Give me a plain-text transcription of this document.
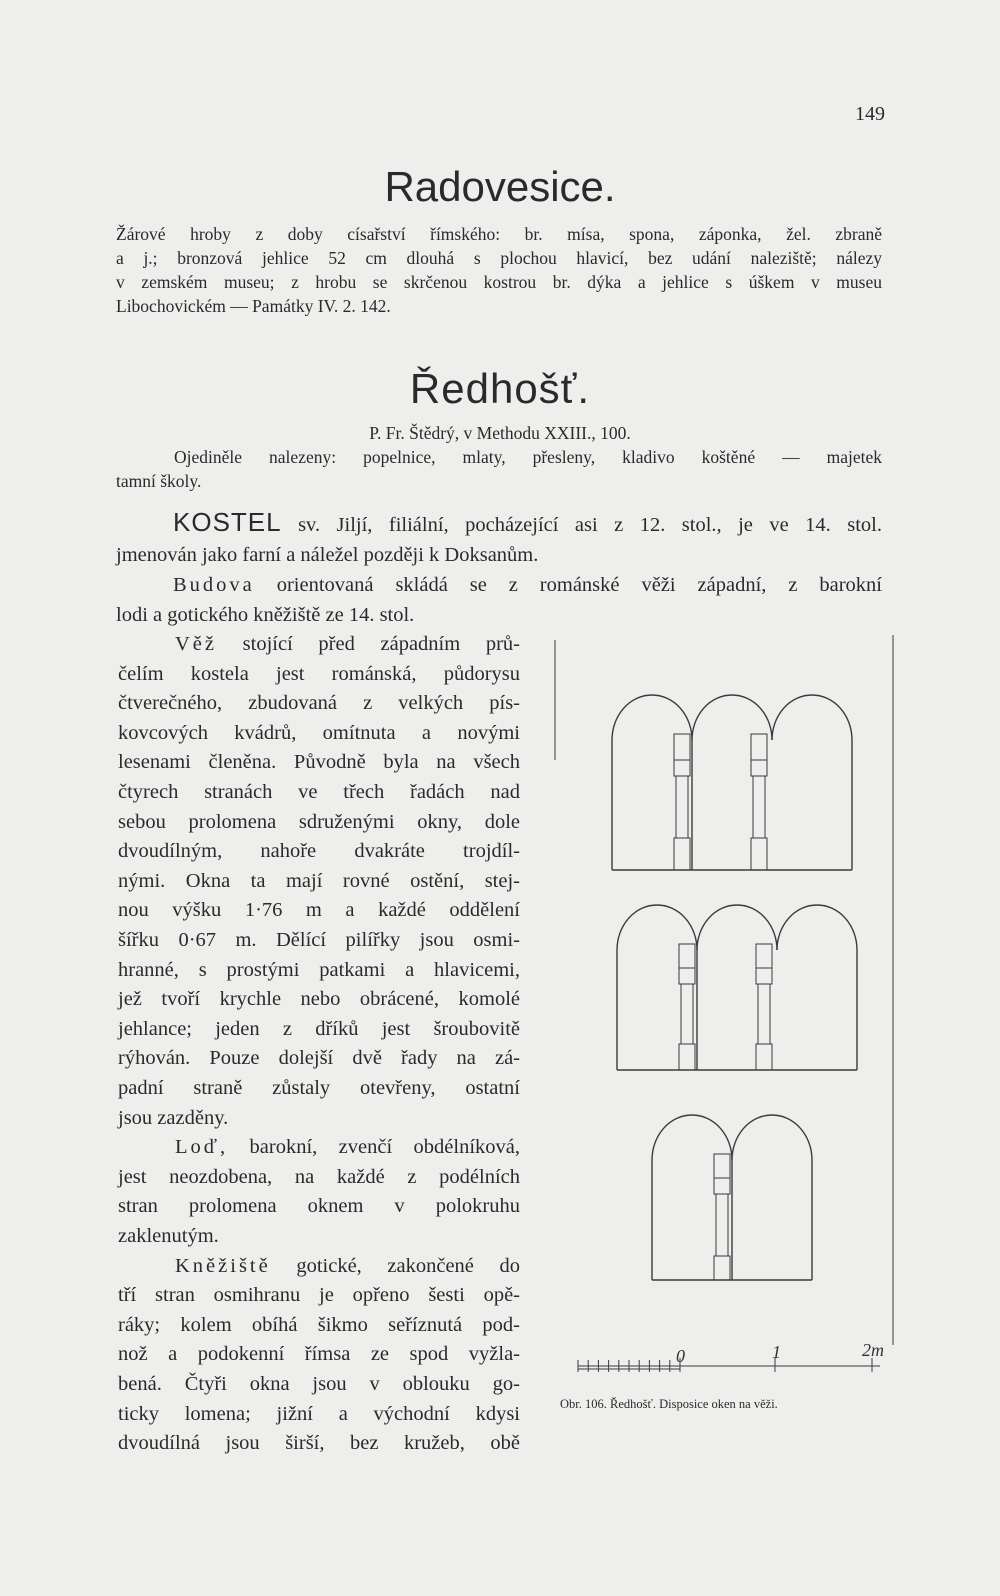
149
Radovesice.

Žárové hroby z doby císařství římského: br. mísa, spona, záponka, žel. zbraně

a j.; bronzová jehlice 52 cm dlouhá s plochou hlavicí, bez udání naleziště; nálezy

v zemském museu; z hrobu se skrčenou kostrou br. dýka a jehlice s úškem v museu

Libochovickém — Památky IV. 2. 142.

Ředhošť.

P. Fr. Štědrý, v Methodu XXIII., 100.

Ojediněle nalezeny: popelnice, mlaty, přesleny, kladivo koštěné — majetek

tamní školy.

KOSTEL sv. Jiljí, filiální, pocházející asi z 12. stol., je ve 14. stol.

jmenován jako farní a náležel později k Doksanům.

Budova orientovaná skládá se z románské věži západní, z barokní

lodi a gotického kněžiště ze 14. stol.

Věž stojící před západním prů-
čelím kostela jest románská, půdorysu
čtverečného, zbudovaná z velkých pís-
kovcových kvádrů, omítnuta a novými
lesenami členěna. Původně byla na všech
čtyrech stranách ve třech řadách nad
sebou prolomena sdruženými okny, dole
dvoudílným, nahoře dvakráte trojdíl-
nými. Okna ta mají rovné ostění, stej-
nou výšku 1·76 m a každé oddělení
šířku 0·67 m. Dělící pilířky jsou osmi-
hranné, s prostými patkami a hlavicemi,
jež tvoří krychle nebo obrácené, komolé
jehlance; jeden z dříků jest šroubovitě
rýhován. Pouze dolejší dvě řady na zá-
padní straně zůstaly otevřeny, ostatní
jsou zazděny.
Loď, barokní, zvenčí obdélníková,
jest neozdobena, na každé z podélních
stran prolomena oknem v polokruhu
zaklenutým.
Kněžiště gotické, zakončené do
tří stran osmihranu je opřeno šesti opě-
ráky; kolem obíhá šikmo seříznutá pod-
nož a podokenní římsa ze spod vyžla-
bená. Čtyři okna jsou v oblouku go-
ticky lomena; jižní a východní kdysi
dvoudílná jsou širší, bez kružeb, obě
0	1	2m
Obr. 106. Ředhošť. Disposice oken na věži.
